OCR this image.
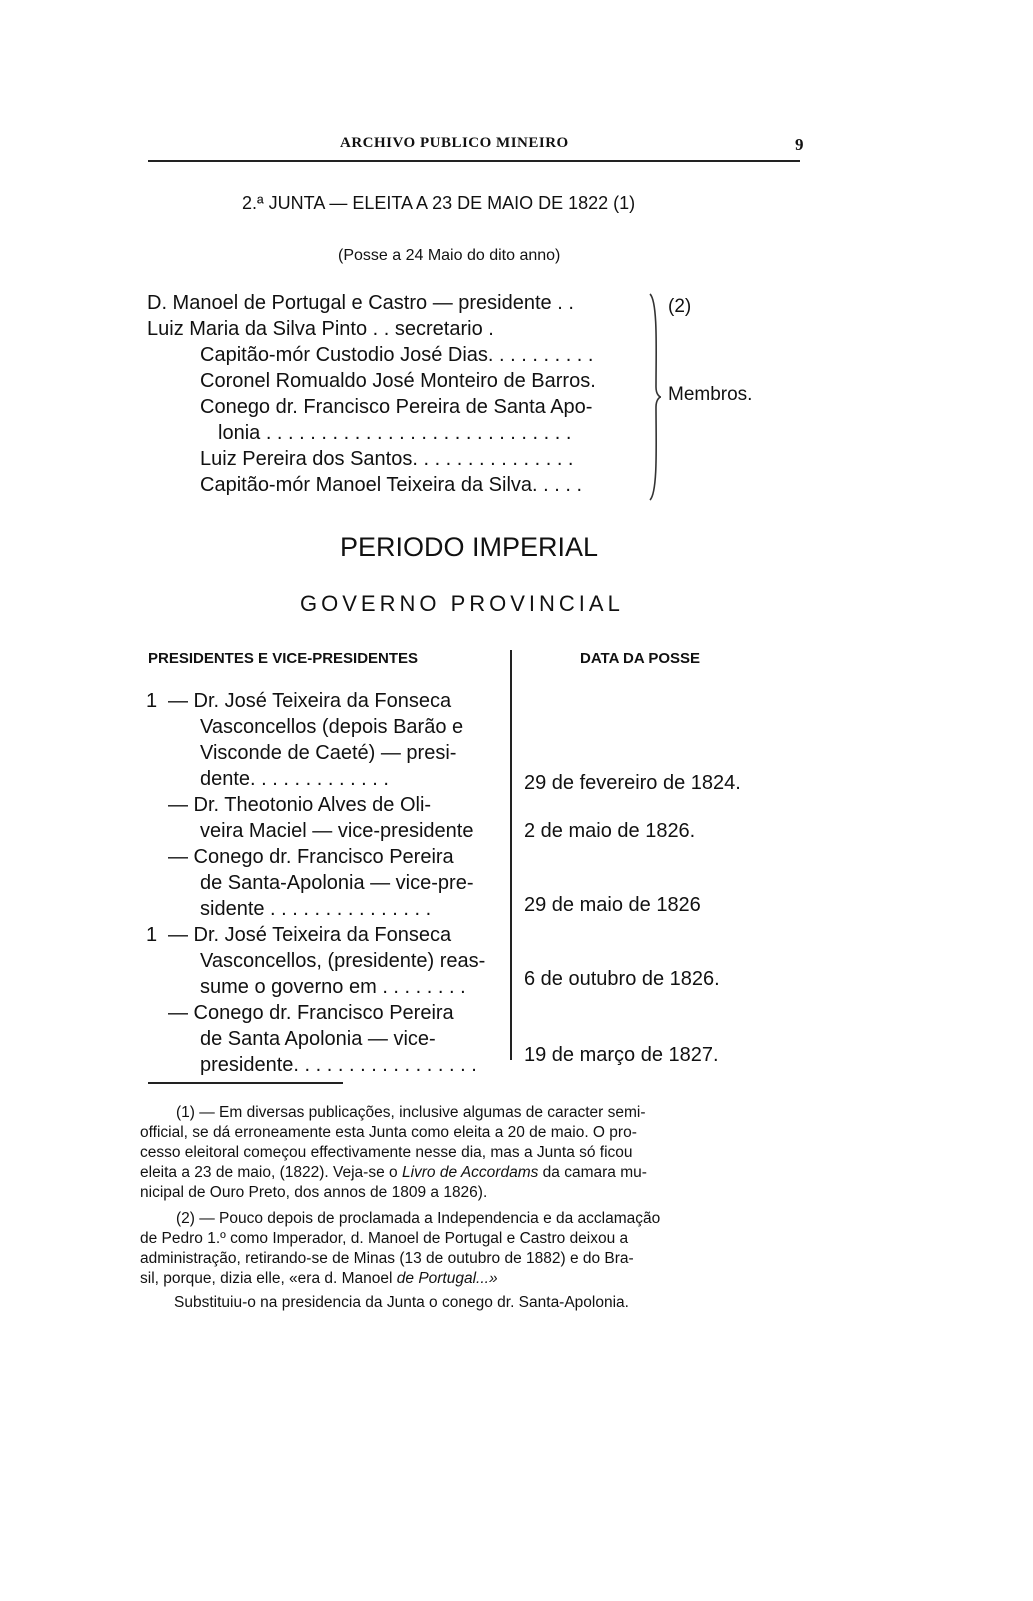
ARCHIVO PUBLICO MINEIRO	9
2.ª JUNTA — ELEITA A 23 DE MAIO DE 1822 (1)
(Posse a 24 Maio do dito anno)
D. Manoel de Portugal e Castro — presidente . .
Luiz Maria da Silva Pinto . . secretario .
Capitão-mór Custodio José Dias. . . . . . . . . .
Coronel Romualdo José Monteiro de Barros.
Conego dr. Francisco Pereira de Santa Apo-
lonia . . . . . . . . . . . . . . . . . . . . . . . . . . . .
Luiz Pereira dos Santos. . . . . . . . . . . . . . .
Capitão-mór Manoel Teixeira da Silva. . . . .
(2)
Membros.
PERIODO IMPERIAL
GOVERNO PROVINCIAL
PRESIDENTES E VICE-PRESIDENTES	DATA DA POSSE
1 — Dr. José Teixeira da Fonseca
Vasconcellos (depois Barão e
Visconde de Caeté) — presi-
dente. . . . . . . . . . . . .
— Dr. Theotonio Alves de Oli-
veira Maciel — vice-presidente
— Conego dr. Francisco Pereira
de Santa-Apolonia — vice-pre-
sidente . . . . . . . . . . . . . . .
1 — Dr. José Teixeira da Fonseca
Vasconcellos, (presidente) reas-
sume o governo em . . . . . . . .
— Conego dr. Francisco Pereira
de Santa Apolonia — vice-
presidente. . . . . . . . . . . . . . . . .
29 de fevereiro de 1824.
2 de maio de 1826.
29 de maio de 1826
6 de outubro de 1826.
19 de março de 1827.
(1) — Em diversas publicações, inclusive algumas de caracter semi-
official, se dá erroneamente esta Junta como eleita a 20 de maio. O pro-
cesso eleitoral começou effectivamente nesse dia, mas a Junta só ficou
eleita a 23 de maio, (1822). Veja-se o Livro de Accordams da camara mu-
nicipal de Ouro Preto, dos annos de 1809 a 1826).
(2) — Pouco depois de proclamada a Independencia e da acclamação
de Pedro 1.º como Imperador, d. Manoel de Portugal e Castro deixou a
administração, retirando-se de Minas (13 de outubro de 1882) e do Bra-
sil, porque, dizia elle, «era d. Manoel de Portugal...»
Substituiu-o na presidencia da Junta o conego dr. Santa-Apolonia.
